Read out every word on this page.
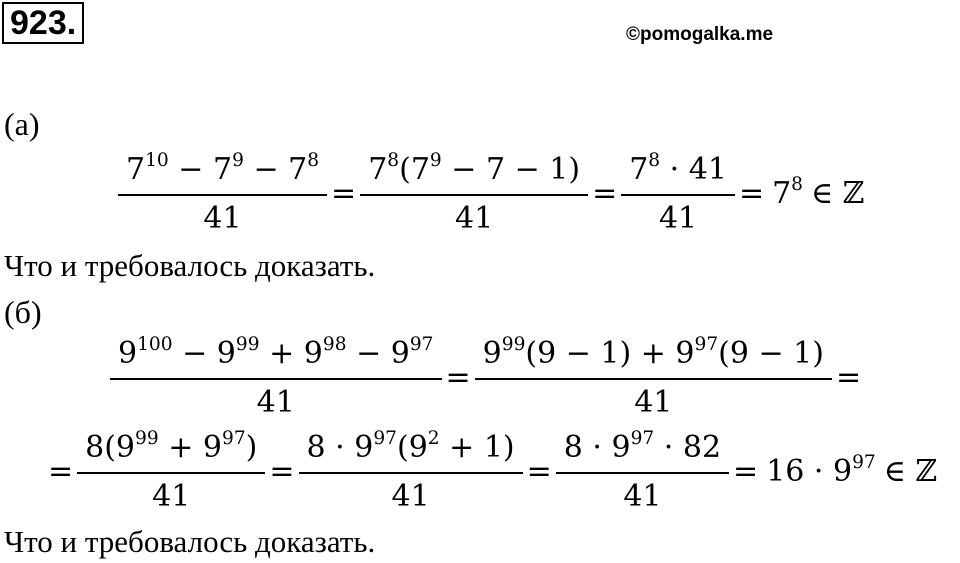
923.	©pomogalka.me
(а)
$\frac{7^{10} - 7^9 - 7^8}{41} = \frac{7^8(7^9 - 7 - 1)}{41} = \frac{7^8 \cdot 41}{41} = 7^8$ ∈ ℤ
Что и требовалось доказать.
(б)
$\frac{9^{100} - 9^{99} + 9^{98} - 9^{97}}{41} = \frac{9^{99}(9 - 1) + 9^{97}(9 - 1)}{41}$ =
= $\frac{8(9^{99} + 9^{97})}{41} = \frac{8 \cdot 9^{97}(9^2 + 1)}{41} = \frac{8 \cdot 9^{97} \cdot 82}{41} = 16 \cdot 9^{97}$ ∈ ℤ
Что и требовалось доказать.
